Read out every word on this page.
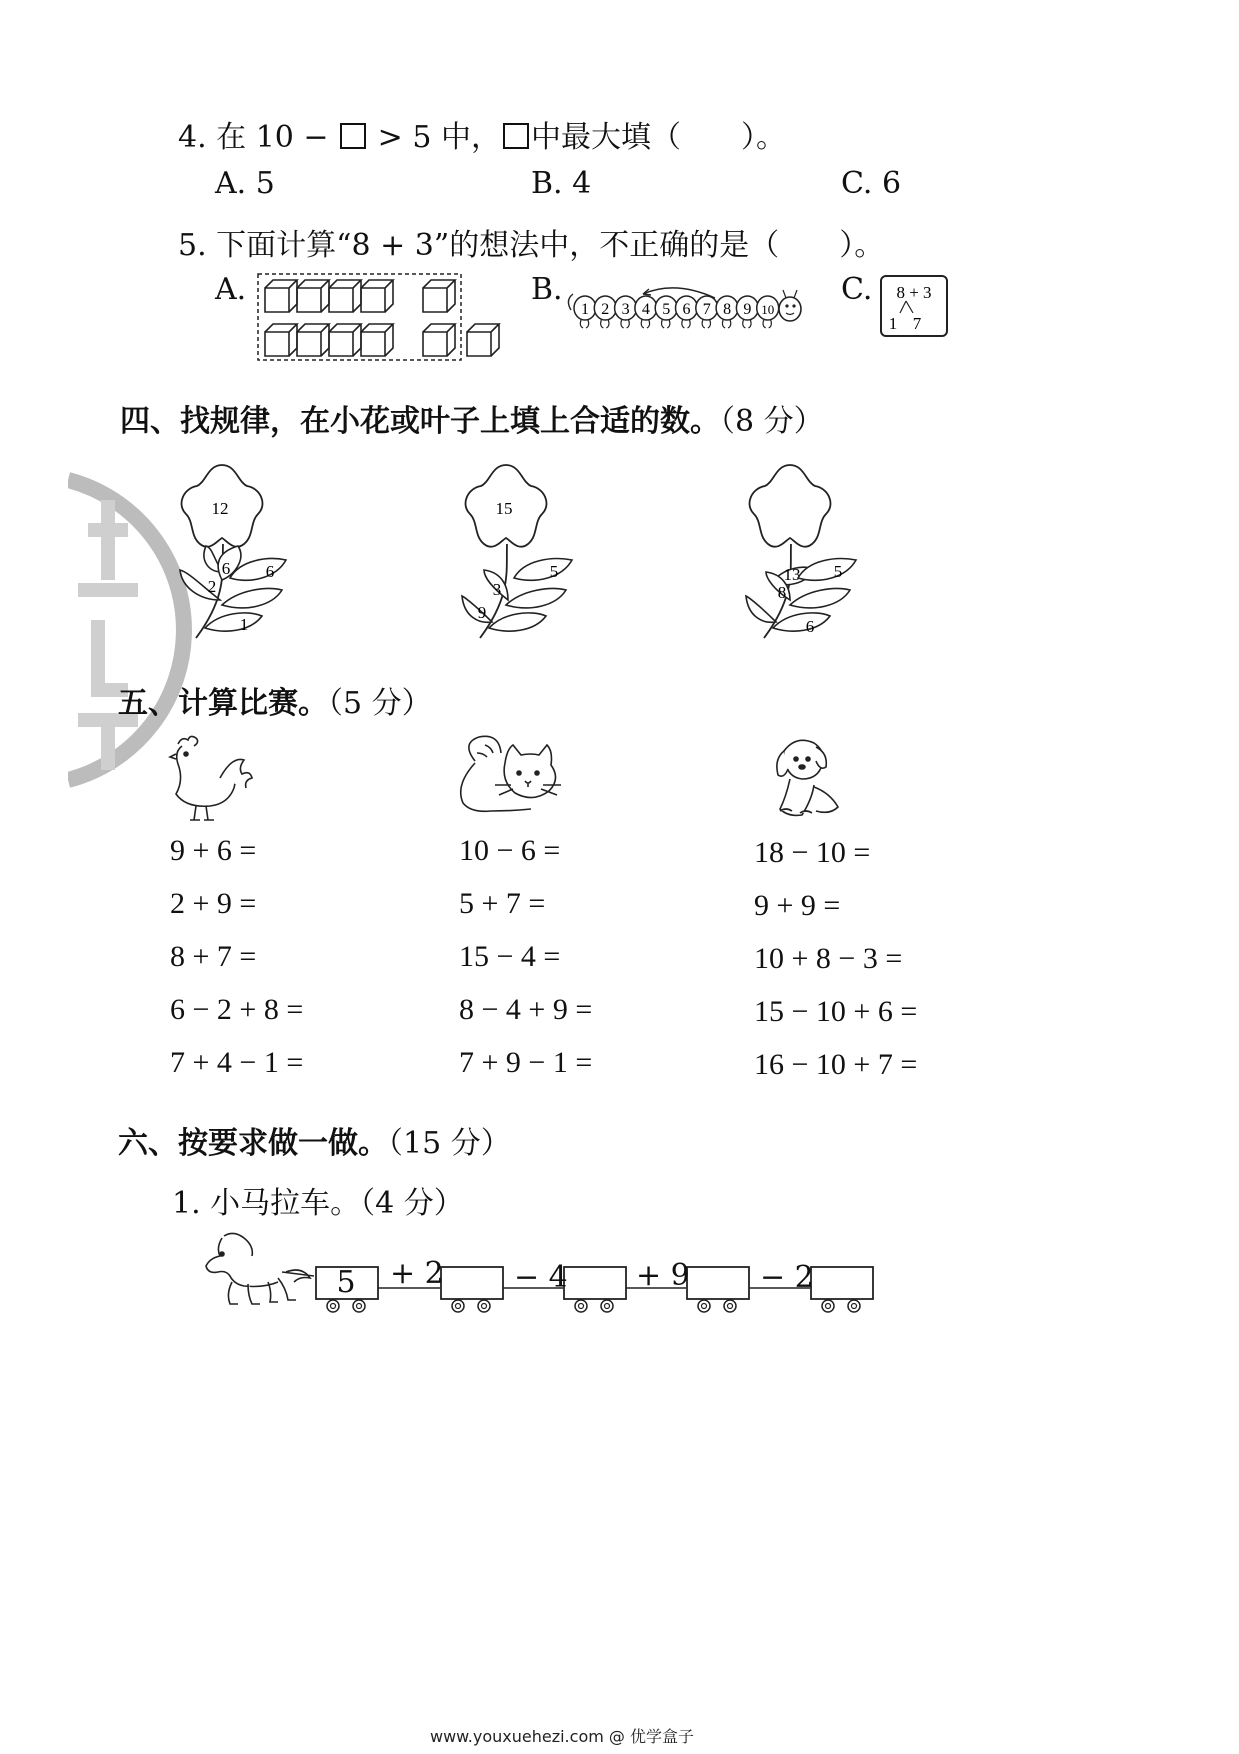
4. 在 10 − > 5 中， 中最大填（　　）。
A. 5	B. 4	C. 6
5. 下面计算“8 + 3”的想法中，不正确的是（　　）。
A.	B.	C.
1 2 3 4 5 6 7 8 9 10
8 + 3
1 7
四、找规律，在小花或叶子上填上合适的数。（8 分）
12
6 6
2
1
15
5
3
9
13 5
8
6
五、计算比赛。（5 分）
9 + 6 =
2 + 9 =
8 + 7 =
6 − 2 + 8 =
7 + 4 − 1 =
10 − 6 =
5 + 7 =
15 − 4 =
8 − 4 + 9 =
7 + 9 − 1 =
18 − 10 =
9 + 9 =
10 + 8 − 3 =
15 − 10 + 6 =
16 − 10 + 7 =
六、按要求做一做。（15 分）
1. 小马拉车。（4 分）
5	+ 2 − 4 + 9 − 2
www.youxuehezi.com @ 优学盒子
